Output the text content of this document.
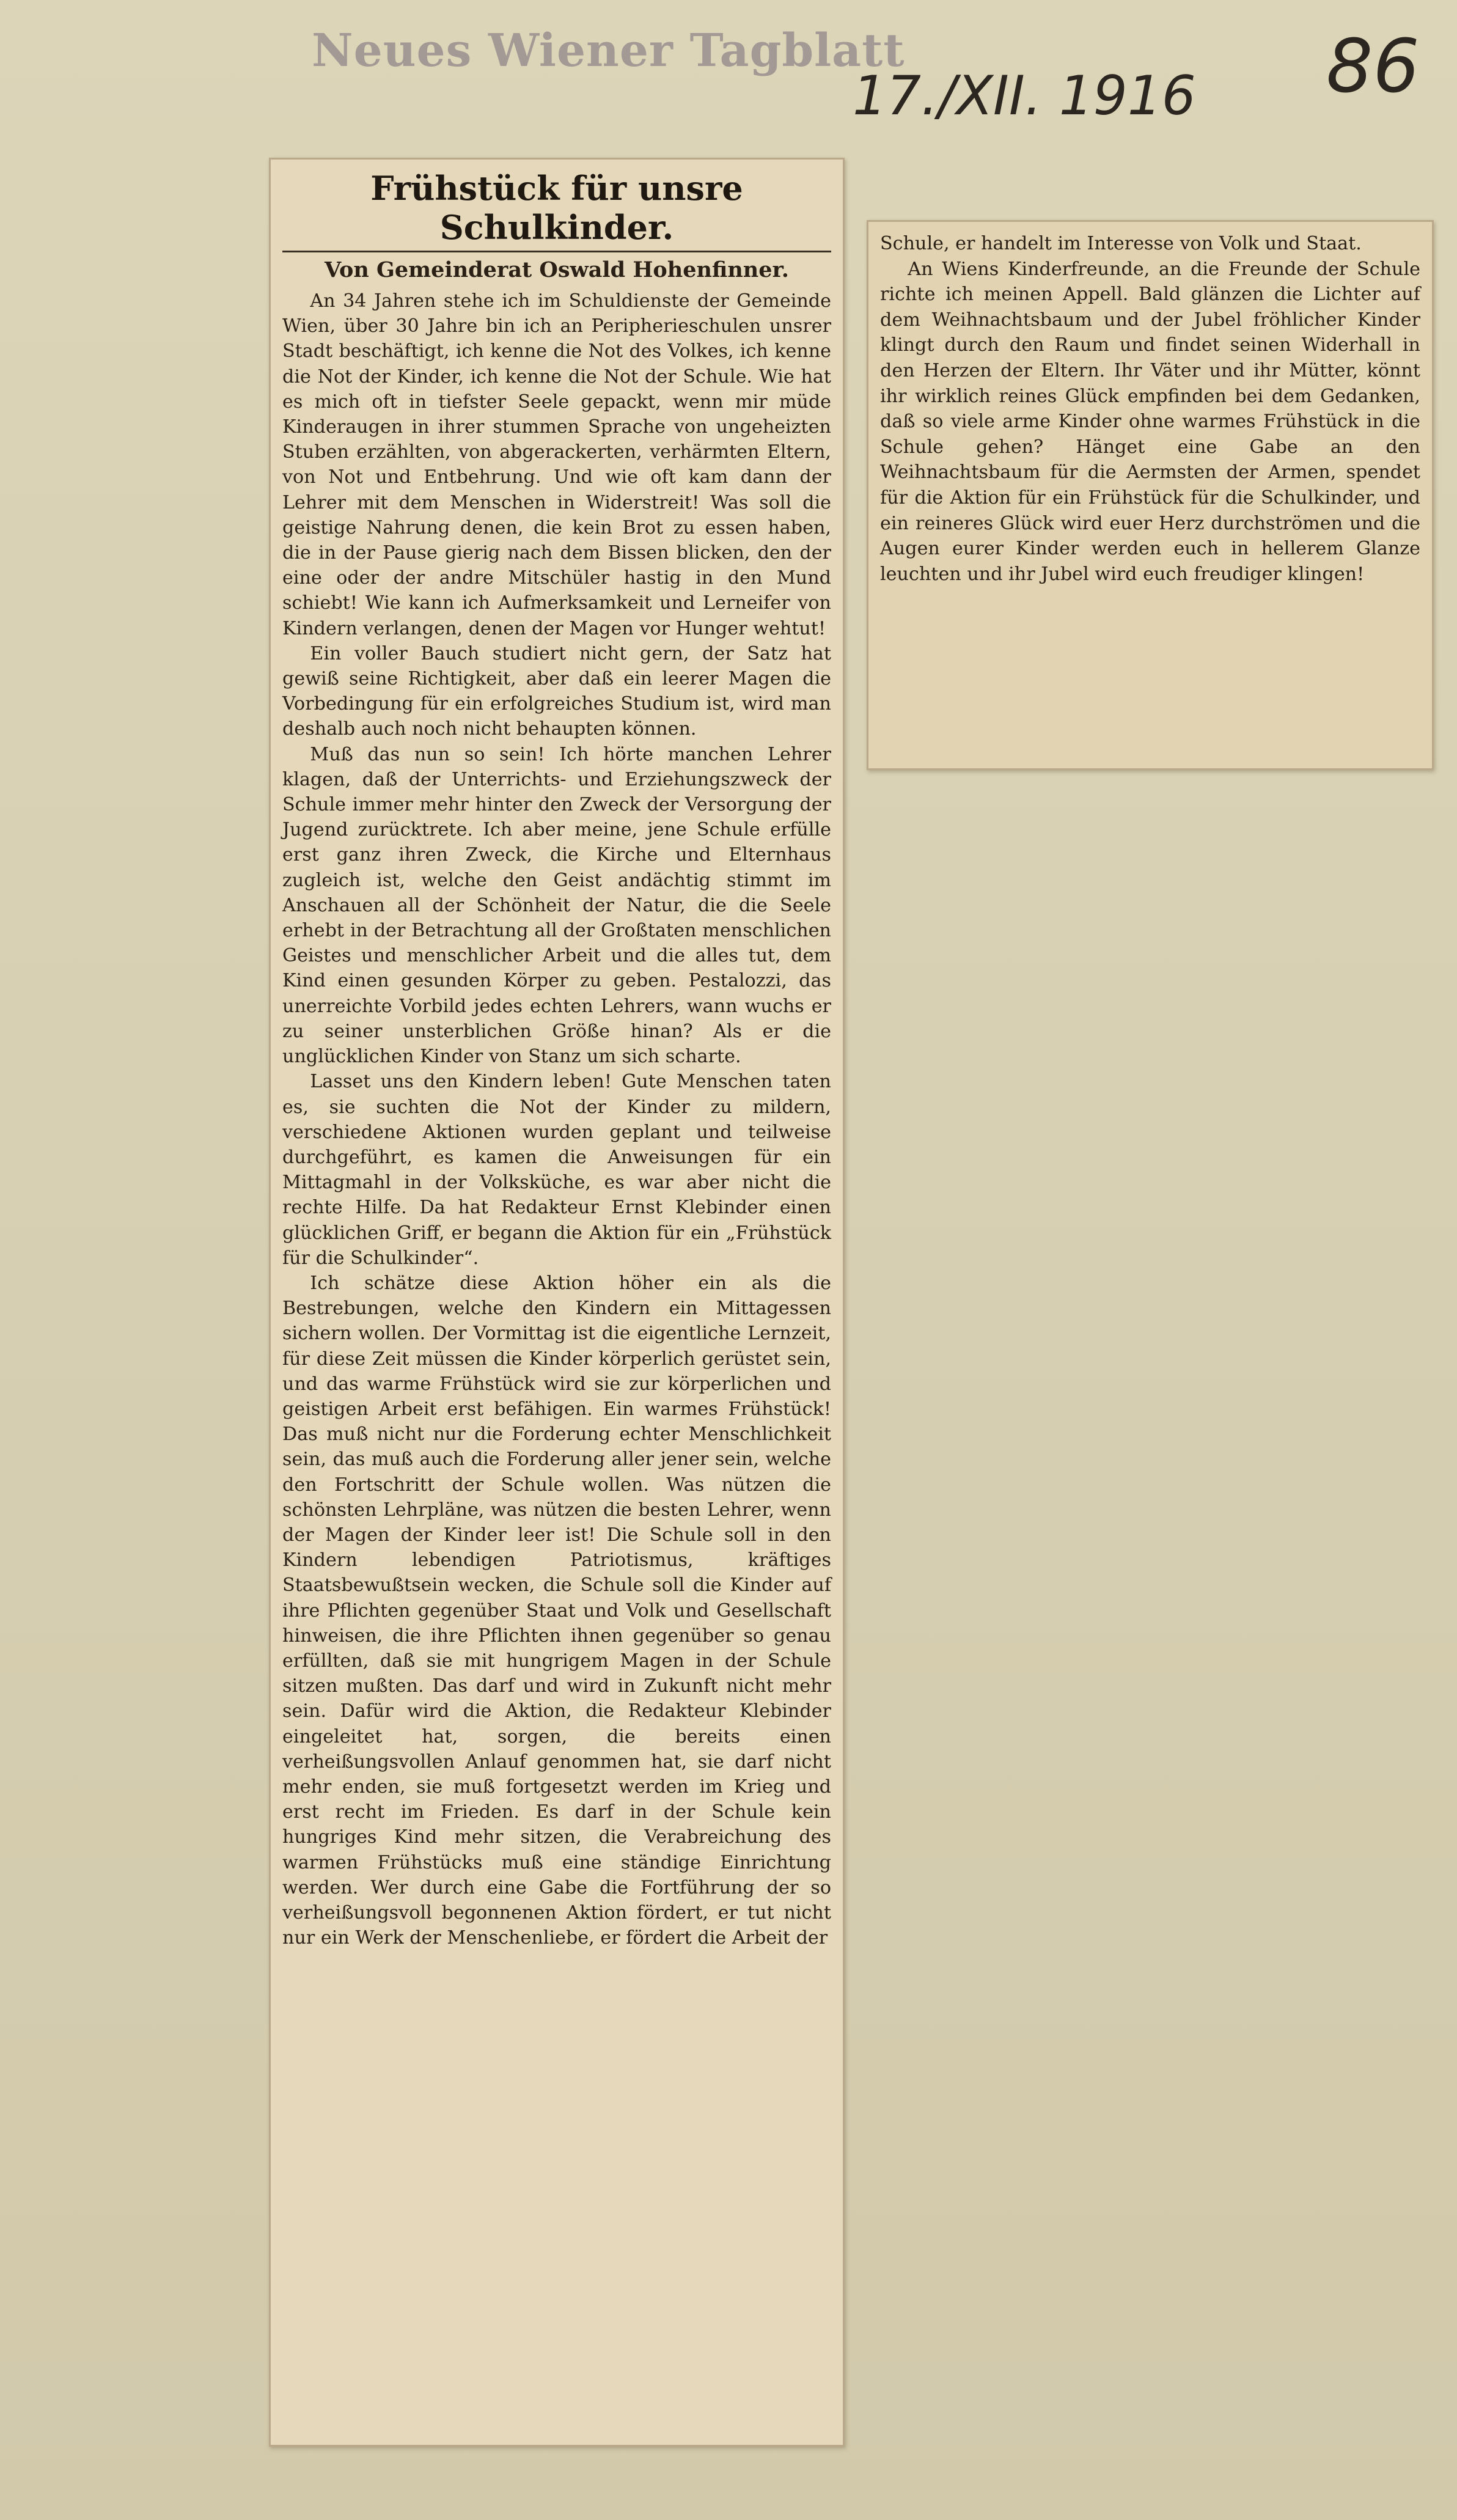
Neues Wiener Tagblatt
17./XII. 1916 86
Frühstück für unsre Schulkinder.
Von Gemeinderat Oswald Hohenfinner.

An 34 Jahren stehe ich im Schuldienste der Gemeinde Wien, über 30 Jahre bin ich an Peripherieschulen unsrer Stadt beschäftigt, ich kenne die Not des Volkes, ich kenne die Not der Kinder, ich kenne die Not der Schule. Wie hat es mich oft in tiefster Seele gepackt, wenn mir müde Kinderaugen in ihrer stummen Sprache von ungeheizten Stuben erzählten, von abgerackerten, verhärmten Eltern, von Not und Entbehrung. Und wie oft kam dann der Lehrer mit dem Menschen in Widerstreit! Was soll die geistige Nahrung denen, die kein Brot zu essen haben, die in der Pause gierig nach dem Bissen blicken, den der eine oder der andre Mitschüler hastig in den Mund schiebt! Wie kann ich Aufmerksamkeit und Lerneifer von Kindern verlangen, denen der Magen vor Hunger wehtut!

Ein voller Bauch studiert nicht gern, der Satz hat gewiß seine Richtigkeit, aber daß ein leerer Magen die Vorbedingung für ein erfolgreiches Studium ist, wird man deshalb auch noch nicht behaupten können.

Muß das nun so sein! Ich hörte manchen Lehrer klagen, daß der Unterrichts- und Erziehungszweck der Schule immer mehr hinter den Zweck der Versorgung der Jugend zurücktrete. Ich aber meine, jene Schule erfülle erst ganz ihren Zweck, die Kirche und Elternhaus zugleich ist, welche den Geist andächtig stimmt im Anschauen all der Schönheit der Natur, die die Seele erhebt in der Betrachtung all der Großtaten menschlichen Geistes und menschlicher Arbeit und die alles tut, dem Kind einen gesunden Körper zu geben. Pestalozzi, das unerreichte Vorbild jedes echten Lehrers, wann wuchs er zu seiner unsterblichen Größe hinan? Als er die unglücklichen Kinder von Stanz um sich scharte.

Lasset uns den Kindern leben! Gute Menschen taten es, sie suchten die Not der Kinder zu mildern, verschiedene Aktionen wurden geplant und teilweise durchgeführt, es kamen die Anweisungen für ein Mittagmahl in der Volksküche, es war aber nicht die rechte Hilfe. Da hat Redakteur Ernst Klebinder einen glücklichen Griff, er begann die Aktion für ein „Frühstück für die Schulkinder“.

Ich schätze diese Aktion höher ein als die Bestrebungen, welche den Kindern ein Mittagessen sichern wollen. Der Vormittag ist die eigentliche Lernzeit, für diese Zeit müssen die Kinder körperlich gerüstet sein, und das warme Frühstück wird sie zur körperlichen und geistigen Arbeit erst befähigen. Ein warmes Frühstück! Das muß nicht nur die Forderung echter Menschlichkeit sein, das muß auch die Forderung aller jener sein, welche den Fortschritt der Schule wollen. Was nützen die schönsten Lehrpläne, was nützen die besten Lehrer, wenn der Magen der Kinder leer ist! Die Schule soll in den Kindern lebendigen Patriotismus, kräftiges Staatsbewußtsein wecken, die Schule soll die Kinder auf ihre Pflichten gegenüber Staat und Volk und Gesellschaft hinweisen, die ihre Pflichten ihnen gegenüber so genau erfüllten, daß sie mit hungrigem Magen in der Schule sitzen mußten. Das darf und wird in Zukunft nicht mehr sein. Dafür wird die Aktion, die Redakteur Klebinder eingeleitet hat, sorgen, die bereits einen verheißungsvollen Anlauf genommen hat, sie darf nicht mehr enden, sie muß fortgesetzt werden im Krieg und erst recht im Frieden. Es darf in der Schule kein hungriges Kind mehr sitzen, die Verabreichung des warmen Frühstücks muß eine ständige Einrichtung werden. Wer durch eine Gabe die Fortführung der so verheißungsvoll begonnenen Aktion fördert, er tut nicht nur ein Werk der Menschenliebe, er fördert die Arbeit der

Schule, er handelt im Interesse von Volk und Staat.

An Wiens Kinderfreunde, an die Freunde der Schule richte ich meinen Appell. Bald glänzen die Lichter auf dem Weihnachtsbaum und der Jubel fröhlicher Kinder klingt durch den Raum und findet seinen Widerhall in den Herzen der Eltern. Ihr Väter und ihr Mütter, könnt ihr wirklich reines Glück empfinden bei dem Gedanken, daß so viele arme Kinder ohne warmes Frühstück in die Schule gehen? Hänget eine Gabe an den Weihnachtsbaum für die Aermsten der Armen, spendet für die Aktion für ein Frühstück für die Schulkinder, und ein reineres Glück wird euer Herz durchströmen und die Augen eurer Kinder werden euch in hellerem Glanze leuchten und ihr Jubel wird euch freudiger klingen!
